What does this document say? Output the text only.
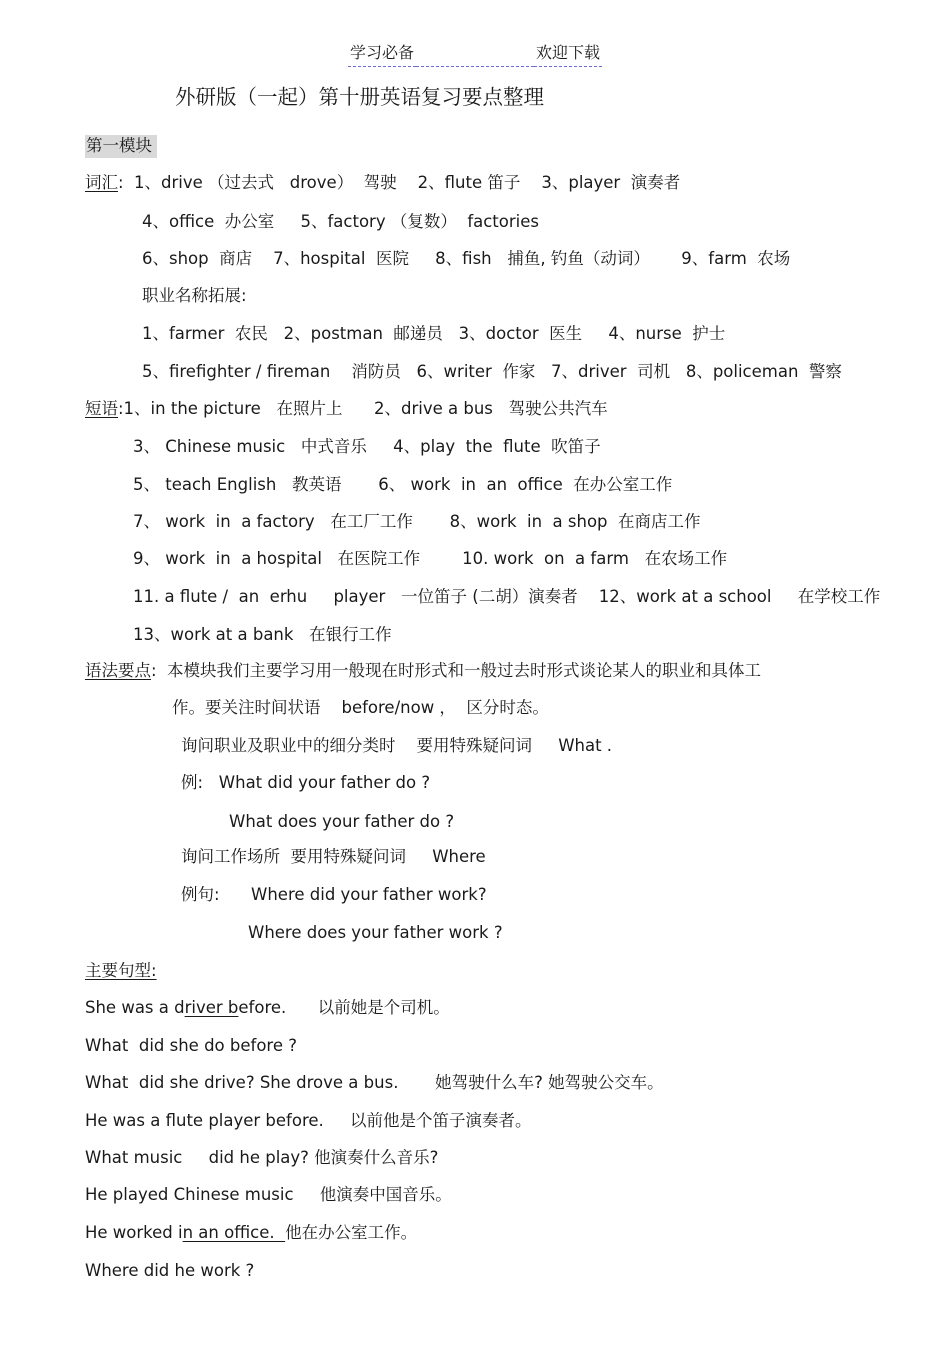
学习必备	欢迎下载
外研版（一起）第十册英语复习要点整理
第一模块
词汇:  1、drive （过去式   drove）  驾驶    2、flute 笛子    3、player  演奏者
4、office  办公室     5、factory （复数）  factories
6、shop  商店    7、hospital  医院     8、fish   捕鱼, 钓鱼（动词）      9、farm  农场
职业名称拓展:
1、farmer  农民   2、postman  邮递员   3、doctor  医生     4、nurse  护士
5、firefighter / fireman    消防员   6、writer  作家   7、driver  司机   8、policeman  警察
短语:1、in the picture   在照片上      2、drive a bus   驾驶公共汽车
3、 Chinese music   中式音乐     4、play  the  flute  吹笛子
5、 teach English   教英语       6、 work  in  an  office  在办公室工作
7、 work  in  a factory   在工厂工作       8、work  in  a shop  在商店工作
9、 work  in  a hospital   在医院工作        10. work  on  a farm   在农场工作
11. a flute /  an  erhu     player   一位笛子 (二胡）演奏者    12、work at a school     在学校工作
13、work at a bank   在银行工作
语法要点:  本模块我们主要学习用一般现在时形式和一般过去时形式谈论某人的职业和具体工
作。要关注时间状语    before/now ，  区分时态。
询问职业及职业中的细分类时    要用特殊疑问词     What .
例:   What did your father do ?
What does your father do ?
询问工作场所  要用特殊疑问词     Where
例句:      Where did your father work?
Where does your father work ?
主要句型:
She was a driver before.      以前她是个司机。
What  did she do before ?
What  did she drive? She drove a bus.       她驾驶什么车? 她驾驶公交车。
He was a flute player before.     以前他是个笛子演奏者。
What music     did he play? 他演奏什么音乐?
He played Chinese music     他演奏中国音乐。
He worked in an office.  他在办公室工作。
Where did he work ?
